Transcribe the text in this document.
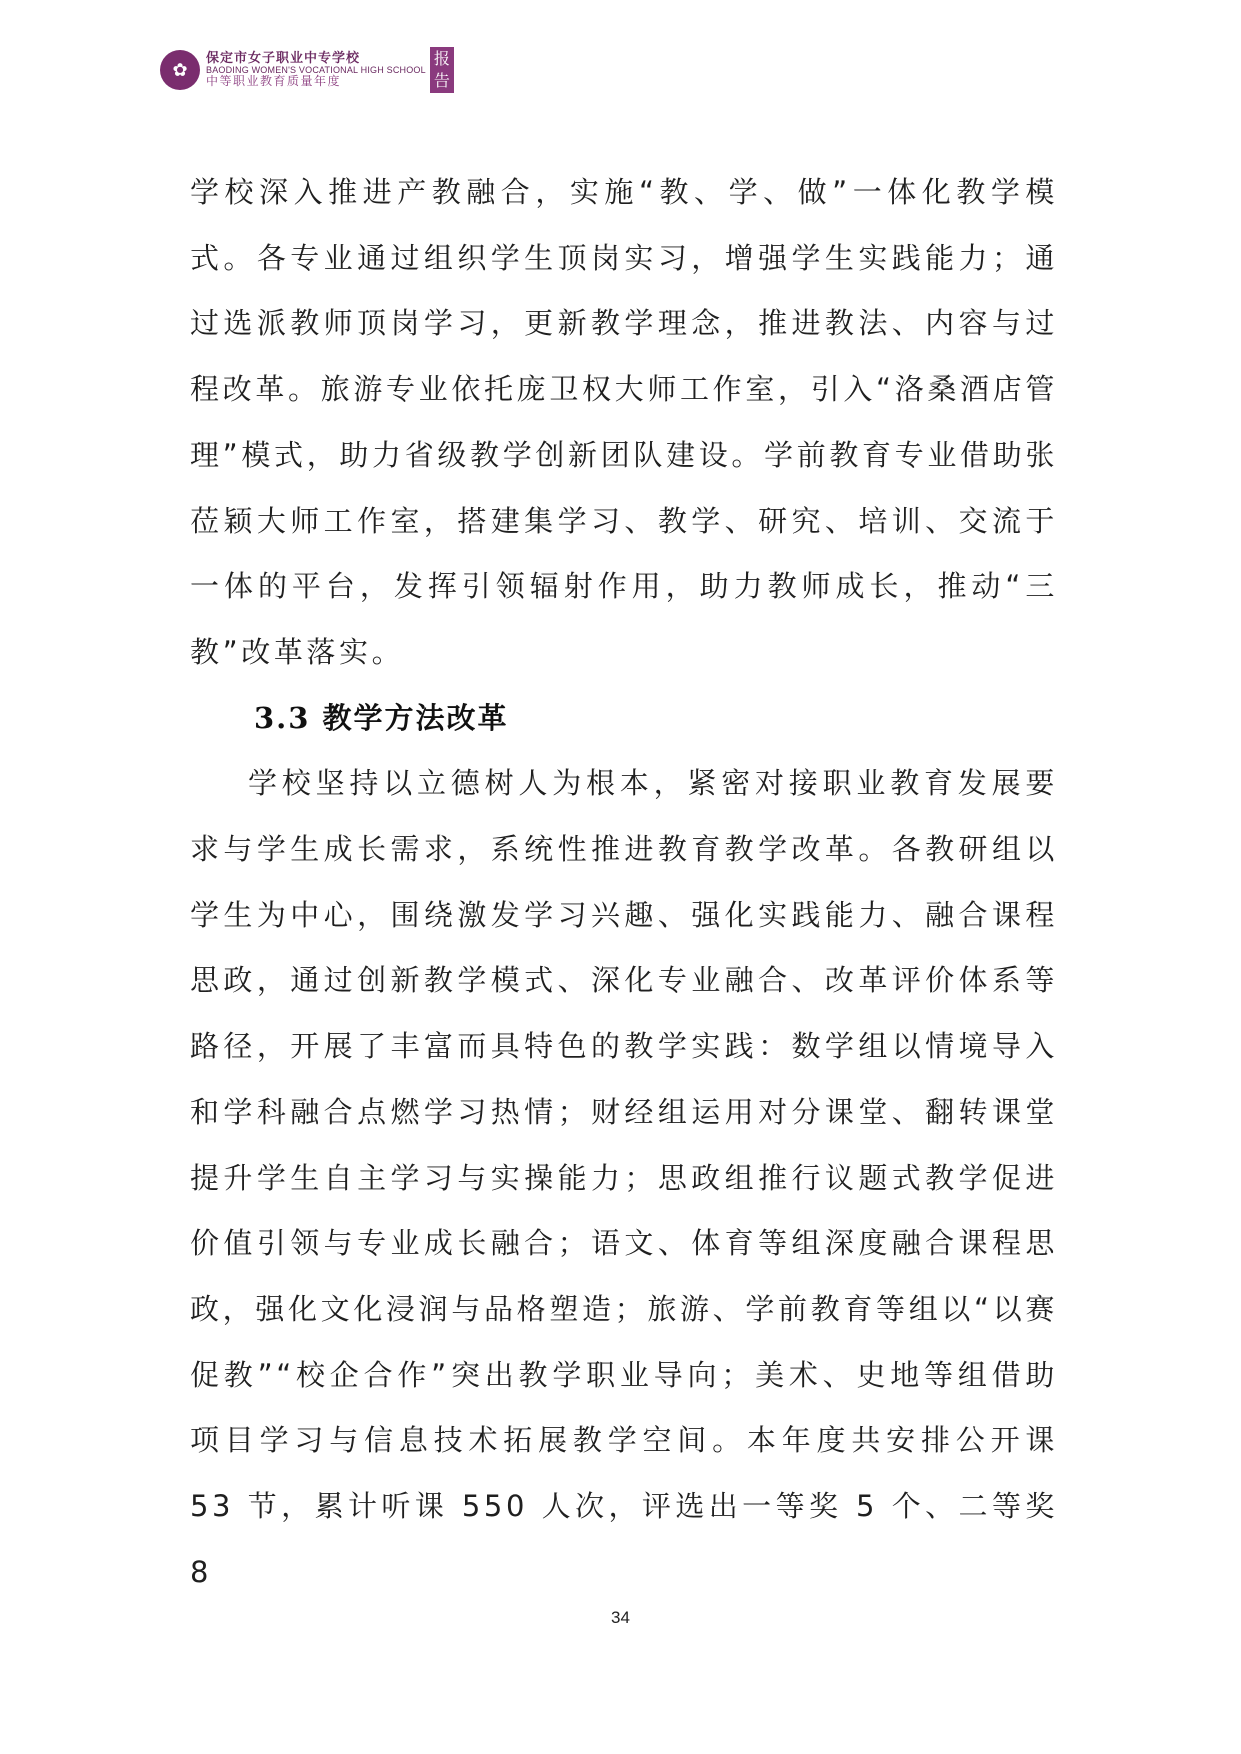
✿
保定市女子职业中专学校
BAODING WOMEN'S VOCATIONAL HIGH SCHOOL
中等职业教育质量年度
报
告

学校深入推进产教融合，实施“教、学、做”一体化教学模式。各专业通过组织学生顶岗实习，增强学生实践能力；通过选派教师顶岗学习，更新教学理念，推进教法、内容与过程改革。旅游专业依托庞卫权大师工作室，引入“洛桑酒店管理”模式，助力省级教学创新团队建设。学前教育专业借助张莅颖大师工作室，搭建集学习、教学、研究、培训、交流于一体的平台，发挥引领辐射作用，助力教师成长，推动“三教”改革落实。

3.3 教学方法改革

学校坚持以立德树人为根本，紧密对接职业教育发展要求与学生成长需求，系统性推进教育教学改革。各教研组以学生为中心，围绕激发学习兴趣、强化实践能力、融合课程思政，通过创新教学模式、深化专业融合、改革评价体系等路径，开展了丰富而具特色的教学实践：数学组以情境导入和学科融合点燃学习热情；财经组运用对分课堂、翻转课堂提升学生自主学习与实操能力；思政组推行议题式教学促进价值引领与专业成长融合；语文、体育等组深度融合课程思政，强化文化浸润与品格塑造；旅游、学前教育等组以“以赛促教”“校企合作”突出教学职业导向；美术、史地等组借助项目学习与信息技术拓展教学空间。本年度共安排公开课 53 节，累计听课 550 人次，评选出一等奖 5 个、二等奖 8

34
